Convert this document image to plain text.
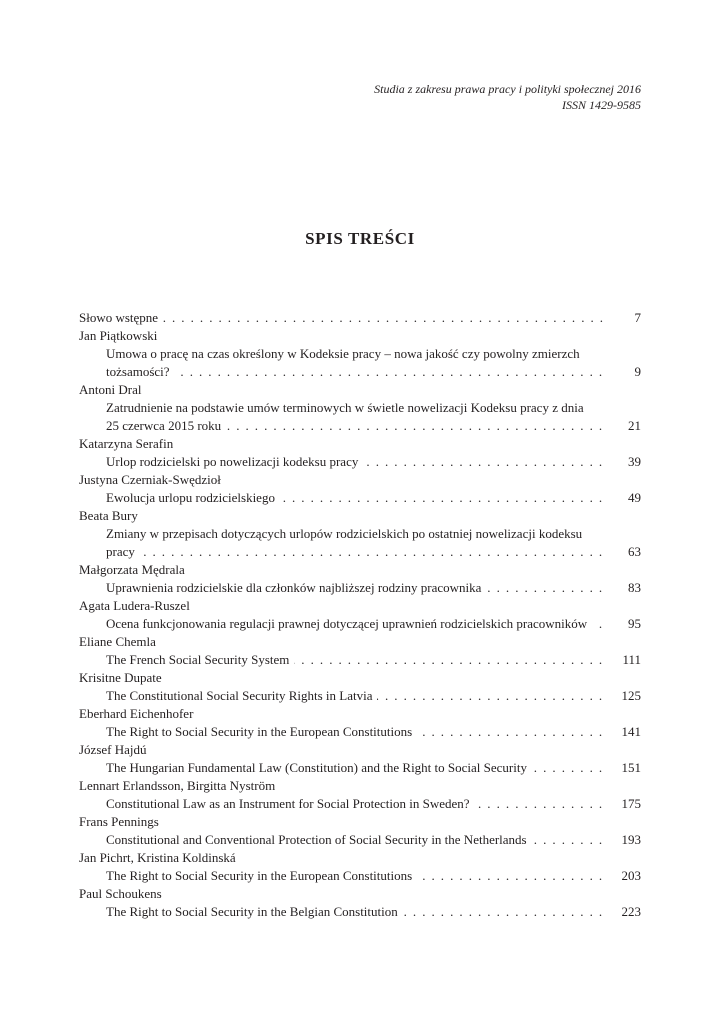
Studia z zakresu prawa pracy i polityki społecznej 2016
ISSN 1429-9585
SPIS TREŚCI
Słowo wstępne . . .	7
Jan Piątkowski
Umowa o pracę na czas określony w Kodeksie pracy – nowa jakość czy powolny zmierzch
tożsamości? . . .	9
Antoni Dral
Zatrudnienie na podstawie umów terminowych w świetle nowelizacji Kodeksu pracy z dnia
25 czerwca 2015 roku . . .	21
Katarzyna Serafin
Urlop rodzicielski po nowelizacji kodeksu pracy . . .	39
Justyna Czerniak-Swędzioł
Ewolucja urlopu rodzicielskiego . . .	49
Beata Bury
Zmiany w przepisach dotyczących urlopów rodzicielskich po ostatniej nowelizacji kodeksu
pracy . . .	63
Małgorzata Mędrala
Uprawnienia rodzicielskie dla członków najbliższej rodziny pracownika . . .	83
Agata Ludera-Ruszel
Ocena funkcjonowania regulacji prawnej dotyczącej uprawnień rodzicielskich pracowników . . .	95
Eliane Chemla
The French Social Security System . . .	111
Krisitne Dupate
The Constitutional Social Security Rights in Latvia . . .	125
Eberhard Eichenhofer
The Right to Social Security in the European Constitutions . . .	141
József Hajdú
The Hungarian Fundamental Law (Constitution) and the Right to Social Security . . .	151
Lennart Erlandsson, Birgitta Nyström
Constitutional Law as an Instrument for Social Protection in Sweden? . . .	175
Frans Pennings
Constitutional and Conventional Protection of Social Security in the Netherlands . . .	193
Jan Pichrt, Kristina Koldinská
The Right to Social Security in the European Constitutions . . .	203
Paul Schoukens
The Right to Social Security in the Belgian Constitution . . .	223
